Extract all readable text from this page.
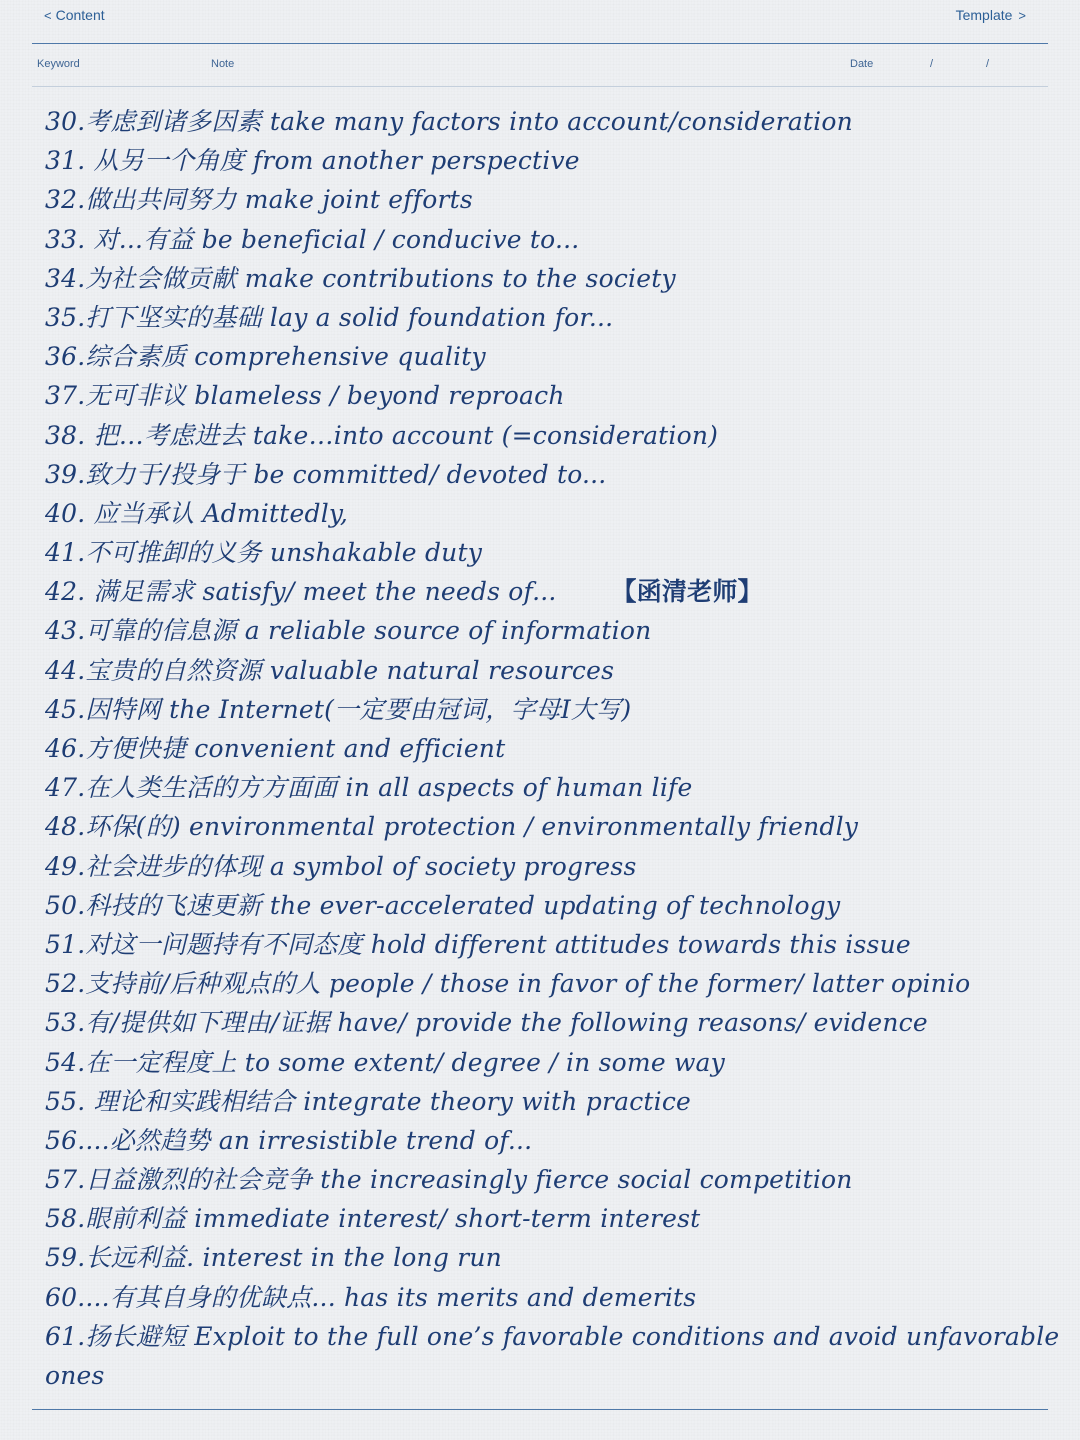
< Content	Template >
Keyword	Note	Date	/	/
30.考虑到诸多因素 take many factors into account/consideration
31. 从另一个角度 from another perspective
32.做出共同努力 make joint efforts
33. 对...有益 be beneficial / conducive to...
34.为社会做贡献 make contributions to the society
35.打下坚实的基础 lay a solid foundation for...
36.综合素质 comprehensive quality
37.无可非议 blameless / beyond reproach
38. 把…考虑进去 take…into account (=consideration)
39.致力于/投身于 be committed/ devoted to...
40. 应当承认 Admittedly,
41.不可推卸的义务 unshakable duty
42. 满足需求 satisfy/ meet the needs of... 【函清老师】
43.可靠的信息源 a reliable source of information
44.宝贵的自然资源 valuable natural resources
45.因特网 the Internet(一定要由冠词，字母I大写)
46.方便快捷 convenient and efficient
47.在人类生活的方方面面 in all aspects of human life
48.环保(的) environmental protection / environmentally friendly
49.社会进步的体现 a symbol of society progress
50.科技的飞速更新 the ever-accelerated updating of technology
51.对这一问题持有不同态度 hold different attitudes towards this issue
52.支持前/后种观点的人 people / those in favor of the former/ latter opinio
53.有/提供如下理由/证据 have/ provide the following reasons/ evidence
54.在一定程度上 to some extent/ degree / in some way
55. 理论和实践相结合 integrate theory with practice
56....必然趋势 an irresistible trend of...
57.日益激烈的社会竞争 the increasingly fierce social competition
58.眼前利益 immediate interest/ short-term interest
59.长远利益. interest in the long run
60....有其自身的优缺点... has its merits and demerits
61.扬长避短 Exploit to the full one’s favorable conditions and avoid unfavorable ones
